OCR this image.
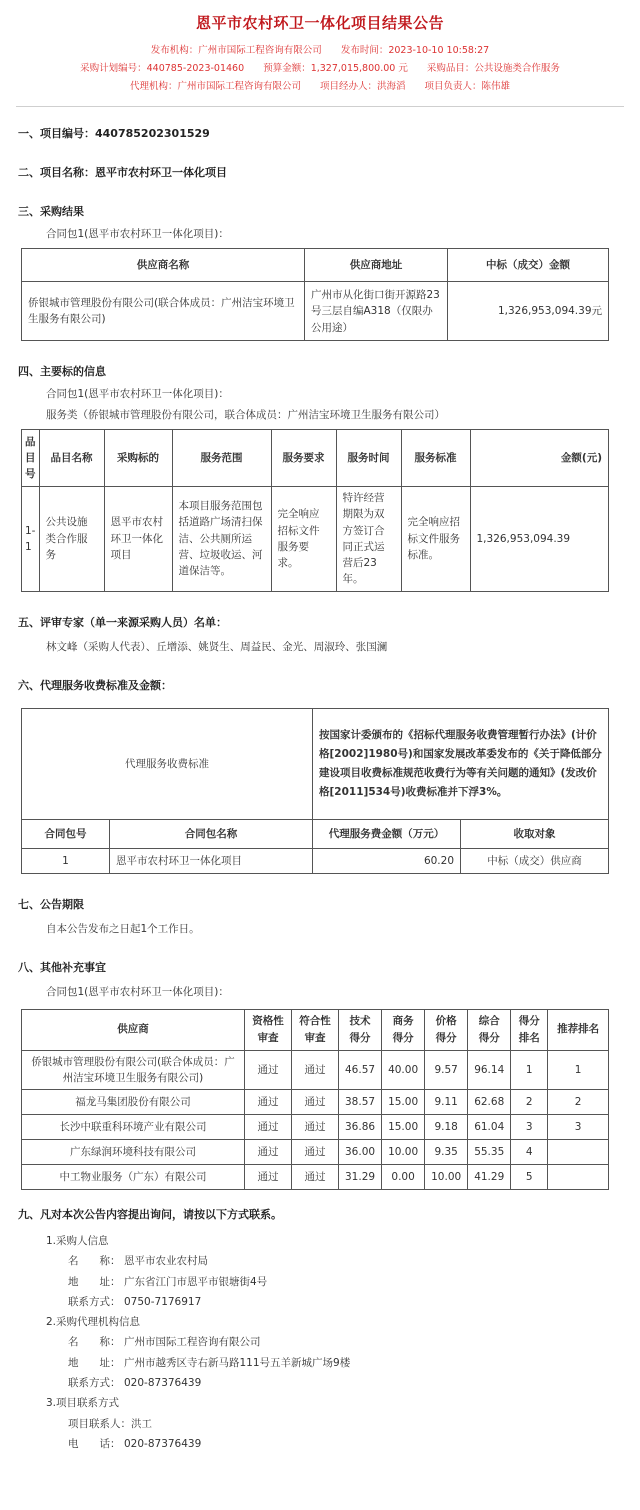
恩平市农村环卫一体化项目结果公告
发布机构：广州市国际工程咨询有限公司 发布时间：2023-10-10 10:58:27
采购计划编号：440785-2023-01460 预算金额：1,327,015,800.00 元 采购品目：公共设施类合作服务
代理机构：广州市国际工程咨询有限公司 项目经办人：洪海滔 项目负责人：陈伟雄
一、项目编号：440785202301529
二、项目名称：恩平市农村环卫一体化项目
三、采购结果
合同包1(恩平市农村环卫一体化项目)：
供应商名称	供应商地址	中标（成交）金额
侨银城市管理股份有限公司(联合体成员：广州洁宝环境卫生服务有限公司)	广州市从化街口街开源路23号三层自编A318（仅限办公用途）	1,326,953,094.39元
四、主要标的信息
合同包1(恩平市农村环卫一体化项目)：
服务类（侨银城市管理股份有限公司，联合体成员：广州洁宝环境卫生服务有限公司）
品目号	品目名称	采购标的	服务范围	服务要求	服务时间	服务标准	金额(元)
1-1	公共设施类合作服务	恩平市农村环卫一体化项目	本项目服务范围包括道路广场清扫保洁、公共厕所运营、垃圾收运、河道保洁等。	完全响应招标文件服务要求。	特许经营期限为双方签订合同正式运营后23年。	完全响应招标文件服务标准。	1,326,953,094.39
五、评审专家（单一来源采购人员）名单：
林文峰（采购人代表）、丘增添、姚贤生、周益民、金光、周淑玲、张国澜
六、代理服务收费标准及金额：
代理服务收费标准		按国家计委颁布的《招标代理服务收费管理暂行办法》(计价格[2002]1980号)和国家发展改革委发布的《关于降低部分建设项目收费标准规范收费行为等有关问题的通知》(发改价格[2011]534号)收费标准并下浮3%。	
合同包号	合同包名称	代理服务费金额（万元）	收取对象
1	恩平市农村环卫一体化项目	60.20	中标（成交）供应商
七、公告期限
自本公告发布之日起1个工作日。
八、其他补充事宜
合同包1(恩平市农村环卫一体化项目)：
供应商	资格性审查	符合性审查	技术得分	商务得分	价格得分	综合得分	得分排名	推荐排名
侨银城市管理股份有限公司(联合体成员：广州洁宝环境卫生服务有限公司)	通过	通过	46.57	40.00	9.57	96.14	1	1
福龙马集团股份有限公司	通过	通过	38.57	15.00	9.11	62.68	2	2
长沙中联重科环境产业有限公司	通过	通过	36.86	15.00	9.18	61.04	3	3
广东绿润环境科技有限公司	通过	通过	36.00	10.00	9.35	55.35	4	
中工物业服务（广东）有限公司	通过	通过	31.29	0.00	10.00	41.29	5	
九、凡对本次公告内容提出询问，请按以下方式联系。
1.采购人信息
名　　称： 恩平市农业农村局
地　　址： 广东省江门市恩平市银塘街4号
联系方式： 0750-7176917
2.采购代理机构信息
名　　称： 广州市国际工程咨询有限公司
地　　址： 广州市越秀区寺右新马路111号五羊新城广场9楼
联系方式： 020-87376439
3.项目联系方式
项目联系人：洪工
电　　话： 020-87376439
